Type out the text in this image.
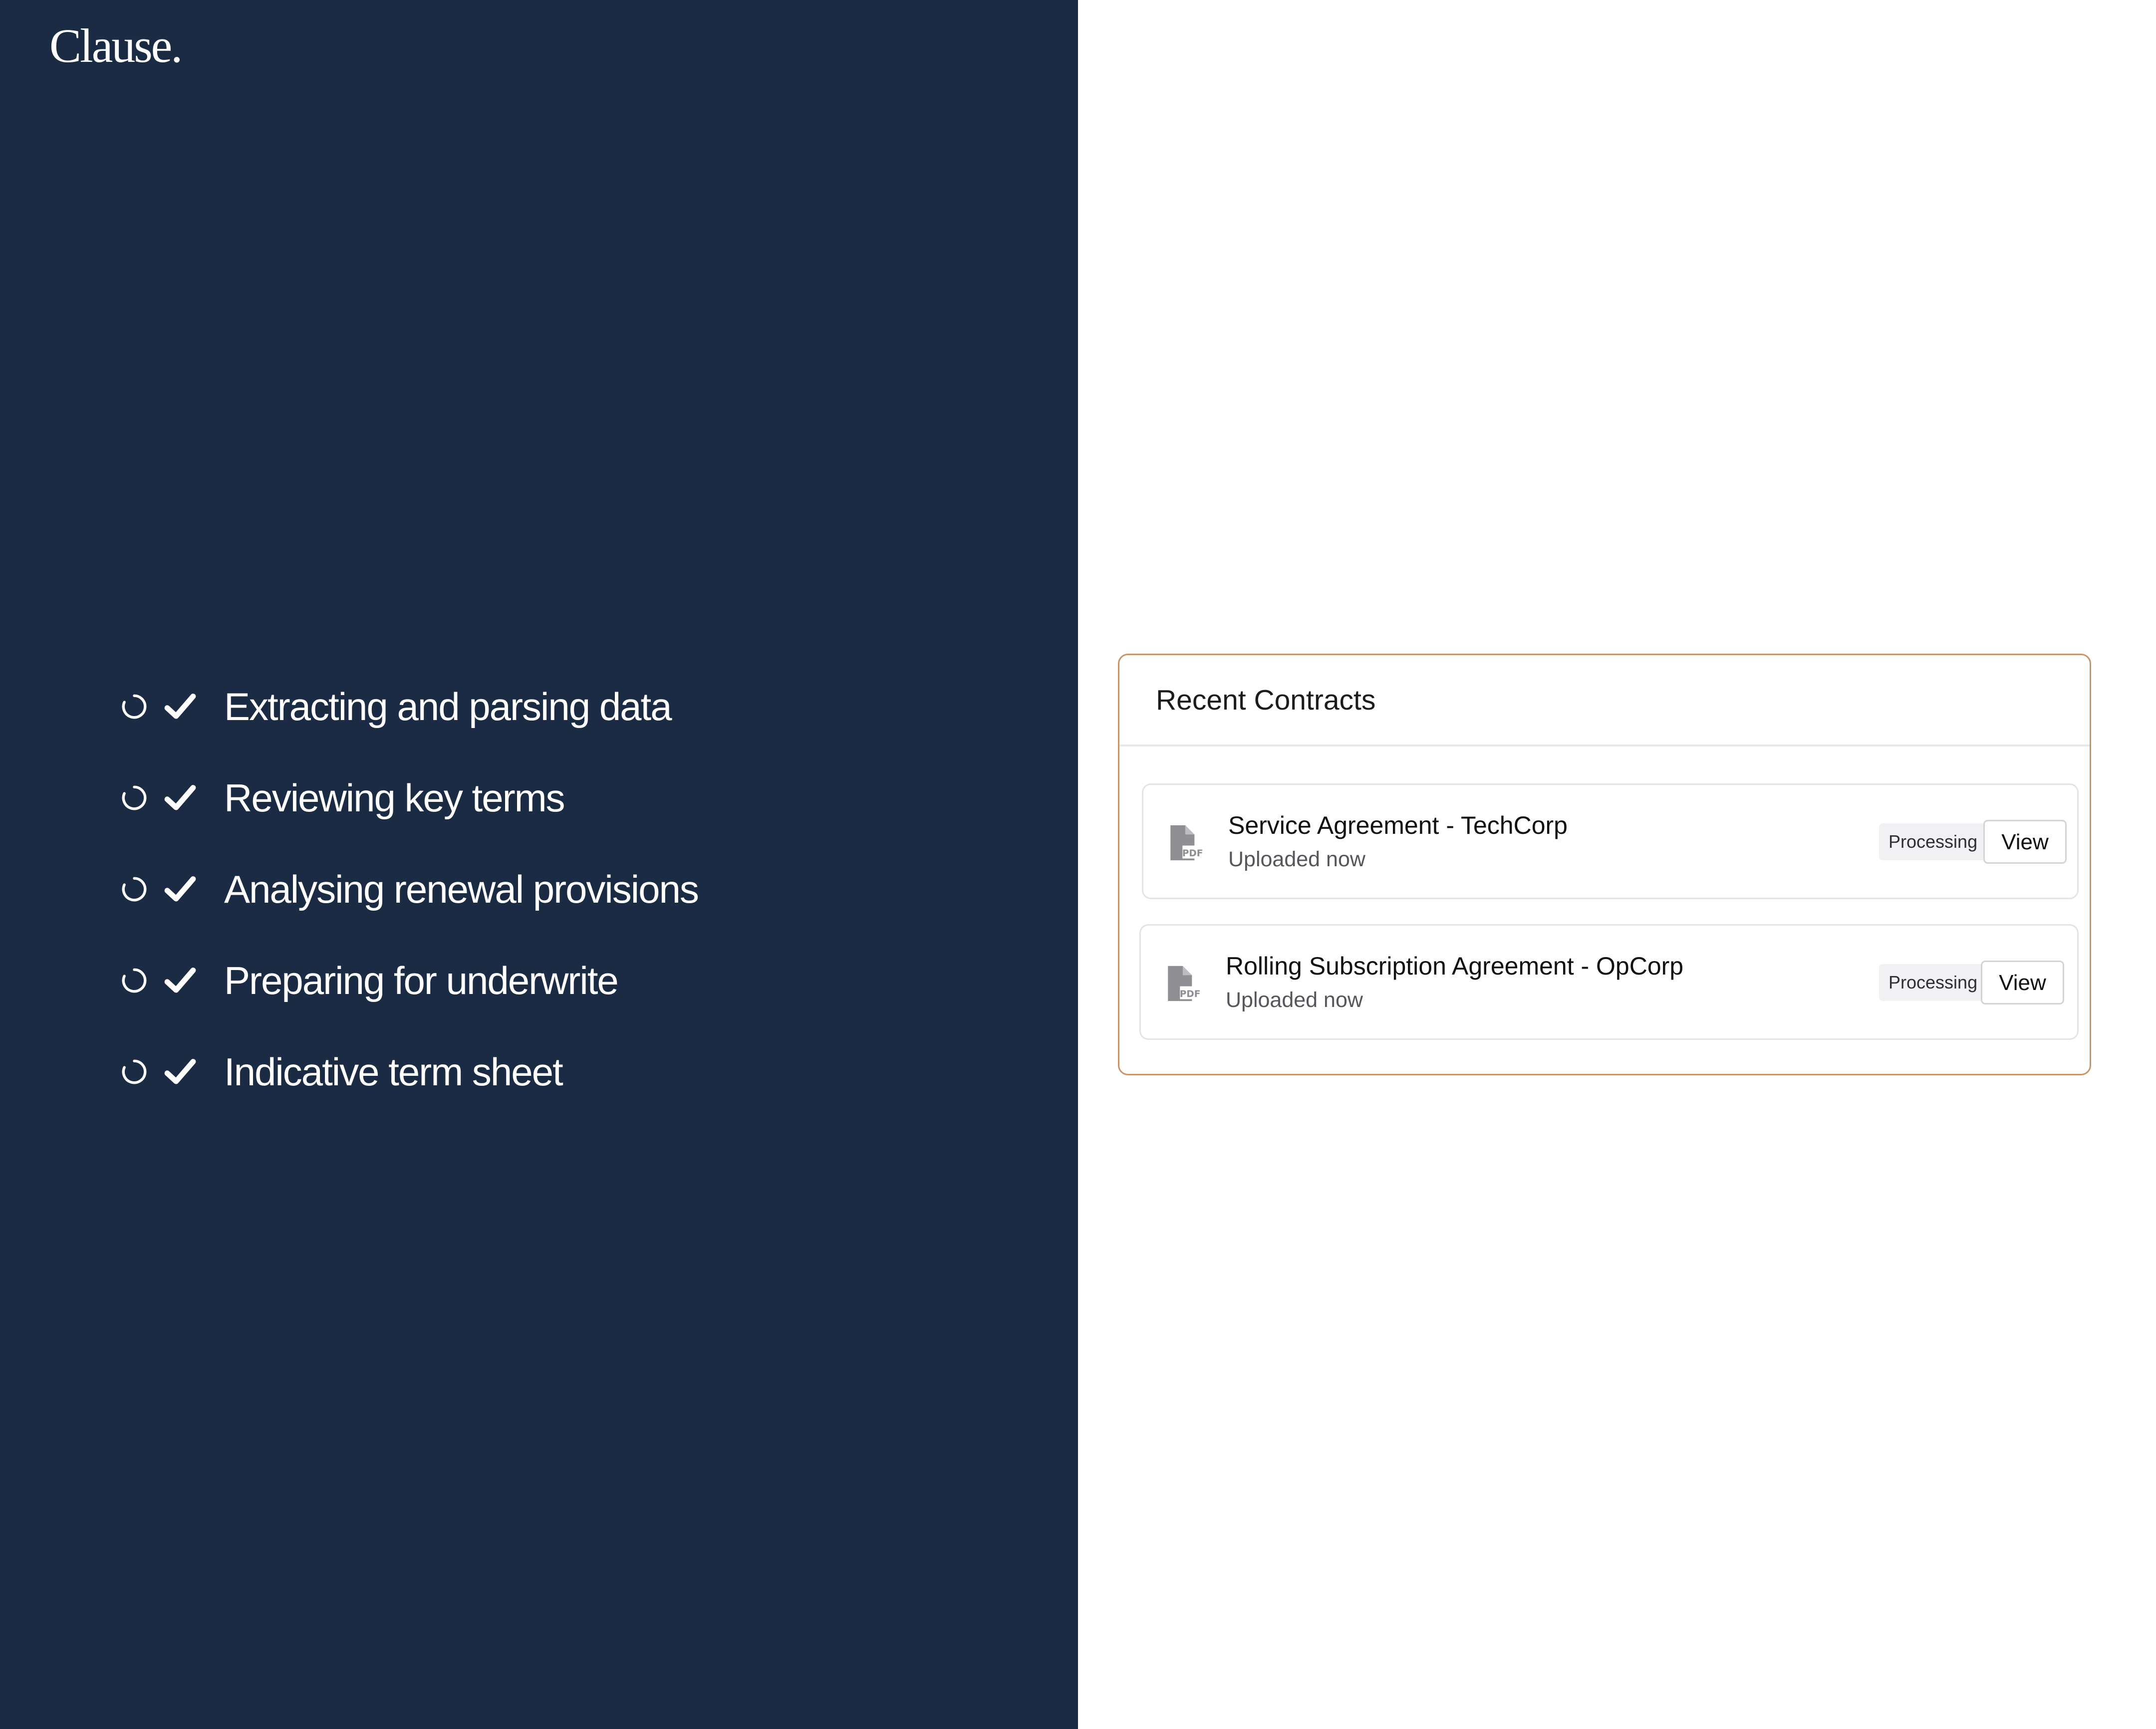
Clause.
Extracting and parsing data
Reviewing key terms
Analysing renewal provisions
Preparing for underwrite
Indicative term sheet
Recent Contracts
PDF
Service Agreement - TechCorp
Uploaded now
Processing	View
PDF
Rolling Subscription Agreement - OpCorp
Uploaded now
Processing View
